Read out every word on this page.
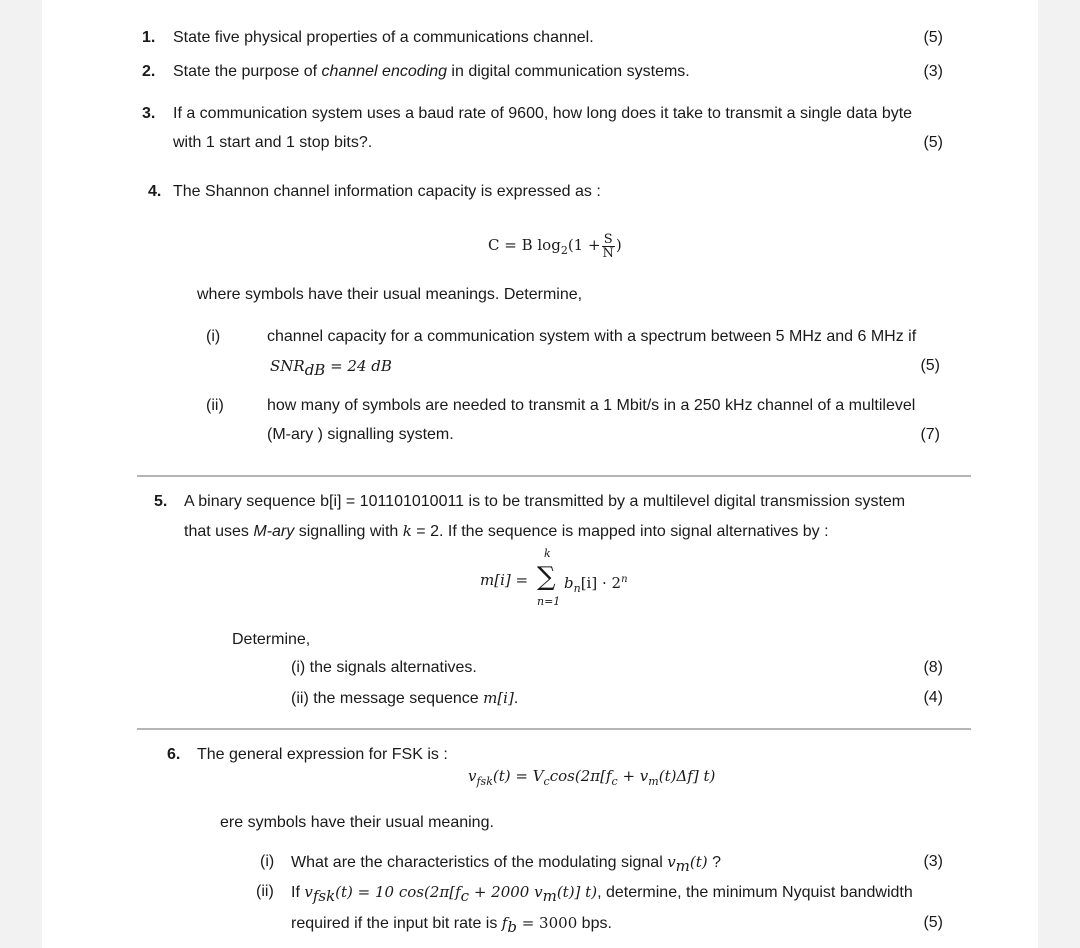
1. State five physical properties of a communications channel.	(5)
2. State the purpose of channel encoding in digital communication systems.	(3)
3. If a communication system uses a baud rate of 9600, how long does it take to transmit a single data byte
with 1 start and 1 stop bits?.	(5)
4. The Shannon channel information capacity is expressed as :
C = B $\log_2(1 + \frac{S}{N}$ )
where symbols have their usual meanings. Determine,
(i)	channel capacity for a communication system with a spectrum between 5 MHz and 6 MHz if
$SNR_{dB} = 24$ dB	(5)
(ii)	how many of symbols are needed to transmit a 1 Mbit/s in a 250 kHz channel of a multilevel
(M-ary ) signalling system.	(7)
5. A binary sequence b[i] = 101101010011 is to be transmitted by a multilevel digital transmission system
that uses M-ary signalling with k = 2. If the sequence is mapped into signal alternatives by :
m[i] =
k
∑
n=1
$b_n[i] \cdot 2^n$
Determine,
(i) the signals alternatives.	(8)
(ii) the message sequence m[i].	(4)
6. The general expression for FSK is :
$v_{fsk}(t) = V_c\cos(2\pi[f_c + v_m(t)\Delta f]$ t)
ere symbols have their usual meaning.
(i) What are the characteristics of the modulating signal $v_m(t)$ ?	(3)
(ii) If $v_{fsk}(t) = 10$ $\cos(2\pi[f_c + 2000$ $v_m(t)$] t), determine, the minimum Nyquist bandwidth
required if the input bit rate is $f_b = 3000$ bps.	(5)
